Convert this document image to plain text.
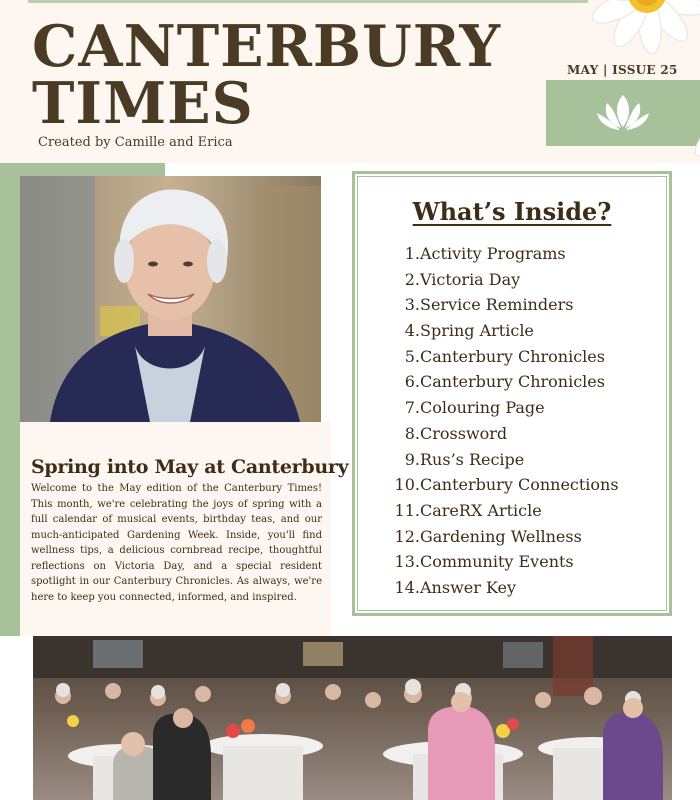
CANTERBURY
TIMES
Created by Camille and Erica
MAY | ISSUE 25
Spring into May at Canterbury

Welcome to the May edition of the Canterbury Times! This month, we're celebrating the joys of spring with a full calendar of musical events, birthday teas, and our much-anticipated Gardening Week. Inside, you'll find wellness tips, a delicious cornbread recipe, thoughtful reflections on Victoria Day, and a special resident spotlight in our Canterbury Chronicles. As always, we're here to keep you connected, informed, and inspired.

What’s Inside?
1.Activity Programs
2.Victoria Day
3.Service Reminders
4.Spring Article
5.Canterbury Chronicles
6.Canterbury Chronicles
7.Colouring Page
8.Crossword
9.Rus’s Recipe
10.Canterbury Connections
11.CareRX Article
12.Gardening Wellness
13.Community Events
14.Answer Key
